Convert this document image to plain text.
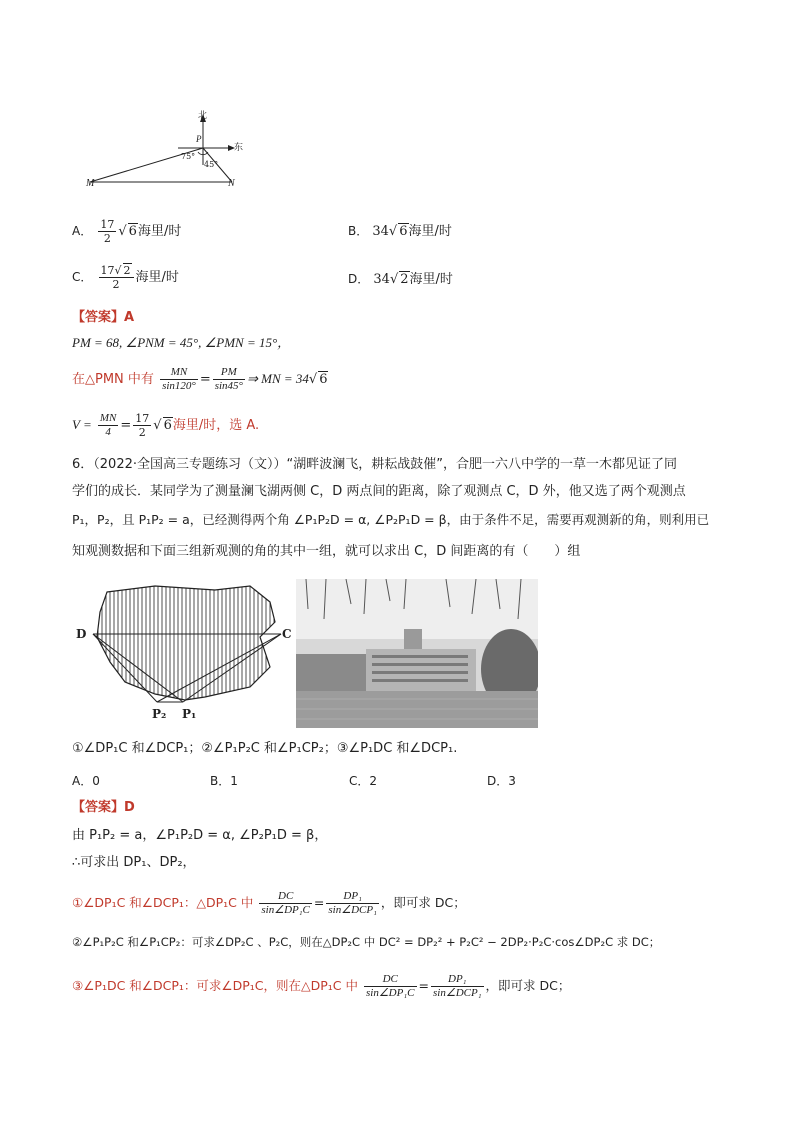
北
东
P
75°
45°
M	N
A． $\frac{17}{2}$ √ 6海里/时	B． 34√ 6海里/时
C． $\frac{17√ 2}{2}$ 海里/时	D． 34√ 2海里/时
【答案】A
PM = 68, ∠PNM = 45°, ∠PMN = 15°，
在△PMN 中有 $\frac{MN}{\sin 120^\circ} = \frac{PM}{\sin 45^\circ}$ ⇒ MN = 34√ 6
$V = \frac{MN}{4} = \frac{17}{2}$ √ 6海里/时，选 A.
6．（2022·全国高三专题练习（文））“湖畔波澜飞，耕耘战鼓催”，合肥一六八中学的一草一木都见证了同
学们的成长．某同学为了测量澜飞湖两侧 C，D 两点间的距离，除了观测点 C，D 外，他又选了两个观测点
P₁，P₂，且 P₁P₂ = a，已经测得两个角 ∠P₁P₂D = α, ∠P₂P₁D = β，由于条件不足，需要再观测新的角，则利用已
知观测数据和下面三组新观测的角的其中一组，就可以求出 C，D 间距离的有（　　）组
D	C
P₂ P₁
①∠DP₁C 和∠DCP₁；②∠P₁P₂C 和∠P₁CP₂；③∠P₁DC 和∠DCP₁.
A．0	B．1	C．2	D．3
【答案】D
由 P₁P₂ = a，∠P₁P₂D = α, ∠P₂P₁D = β，
∴可求出 DP₁、DP₂，
①∠DP₁C 和∠DCP₁：△DP₁C 中 $\frac{DC}{\text{sin∠DP₁C}} = \frac{\text{DP₁}}{\text{sin∠DCP₁}}$ ，即可求 DC；
②∠P₁P₂C 和∠P₁CP₂：可求∠DP₂C 、P₂C，则在△DP₂C 中 DC² = DP₂² + P₂C² − 2DP₂·P₂C·cos∠DP₂C 求 DC；
③∠P₁DC 和∠DCP₁：可求∠DP₁C，则在△DP₁C 中 $\frac{DC}{\text{sin∠DP₁C}} = \frac{\text{DP₁}}{\text{sin∠DCP₁}}$ ，即可求 DC；
